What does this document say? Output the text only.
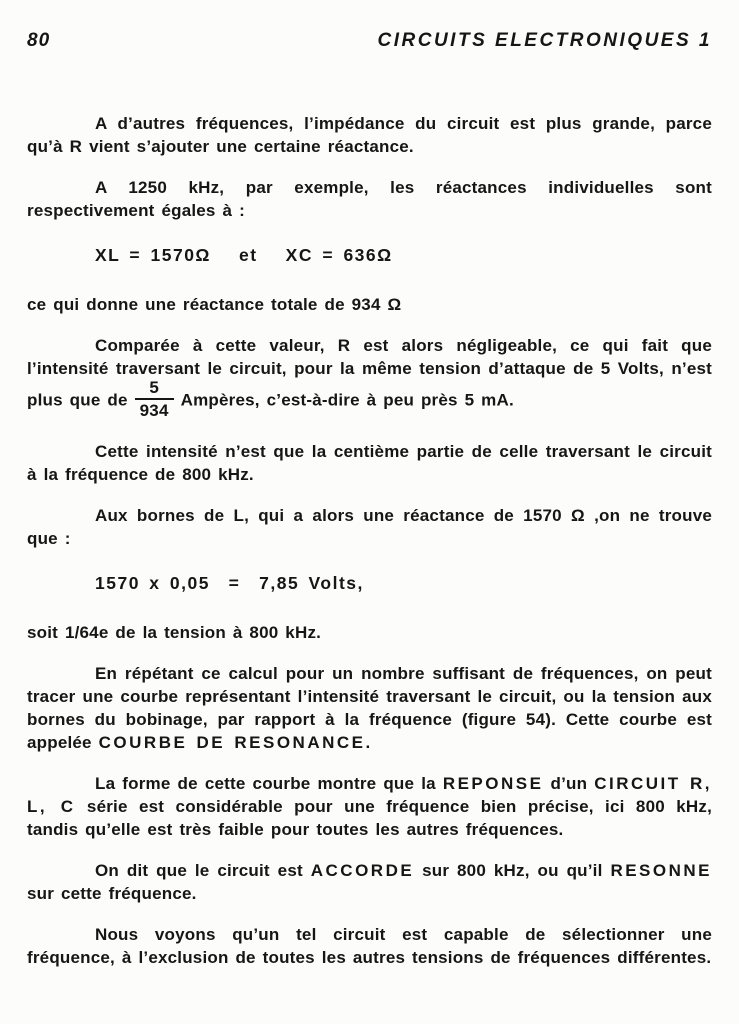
80	CIRCUITS ELECTRONIQUES 1

A d’autres fréquences, l’impédance du circuit est plus grande, parce qu’à R vient s’ajouter une certaine réactance.

A 1250 kHz, par exemple, les réactances individuelles sont respectivement égales à :

XL = 1570Ω   et   XC = 636Ω

ce qui donne une réactance totale de 934 Ω

Comparée à cette valeur, R est alors négligeable, ce qui fait que l’intensité traversant le circuit, pour la même tension d’attaque de 5 Volts, n’est plus que de $\frac{5}{934}$ Ampères, c’est-à-dire à peu près 5 mA.

Cette intensité n’est que la centième partie de celle traversant le circuit à la fréquence de 800 kHz.

Aux bornes de L, qui a alors une réactance de 1570 Ω ,on ne trouve que :

1570 x 0,05  =  7,85 Volts,

soit 1/64e de la tension à 800 kHz.

En répétant ce calcul pour un nombre suffisant de fréquences, on peut tracer une courbe représentant l’intensité traversant le circuit, ou la tension aux bornes du bobinage, par rapport à la fréquence (figure 54). Cette courbe est appelée COURBE DE RESONANCE.

La forme de cette courbe montre que la REPONSE d’un CIRCUIT R, L, C série est considérable pour une fréquence bien précise, ici 800 kHz, tandis qu’elle est très faible pour toutes les autres fréquences.

On dit que le circuit est ACCORDE sur 800 kHz, ou qu’il RESONNE sur cette fréquence.

Nous voyons qu’un tel circuit est capable de sélectionner une fréquence, à l’exclusion de toutes les autres tensions de fréquences différentes.
